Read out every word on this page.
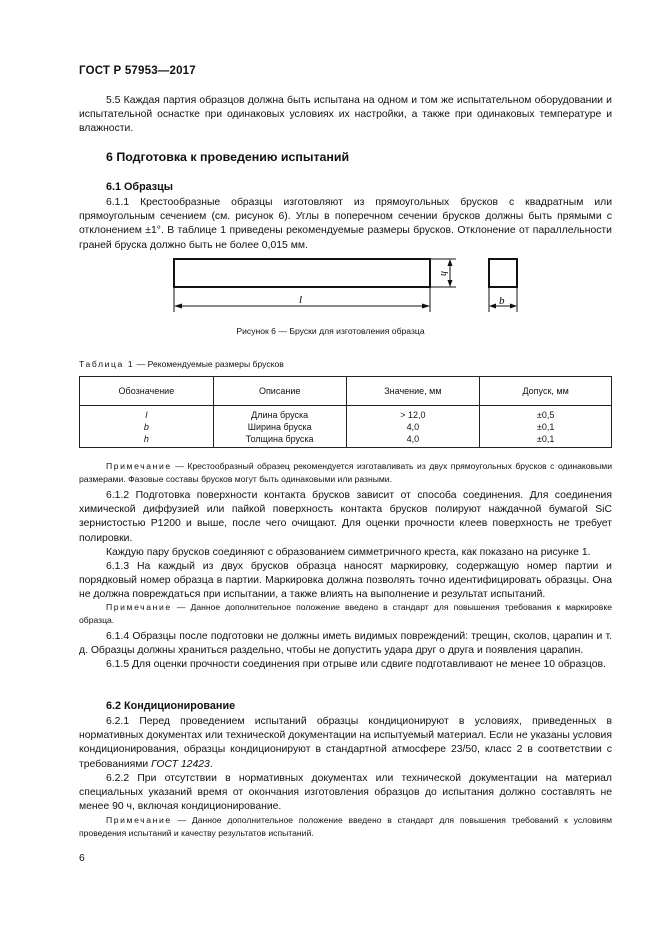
ГОСТ Р 57953—2017

5.5 Каждая партия образцов должна быть испытана на одном и том же испытательном оборудовании и испытательной оснастке при одинаковых условиях их настройки, а также при одинаковых температуре и влажности.

6 Подготовка к проведению испытаний
6.1 Образцы

6.1.1 Крестообразные образцы изготовляют из прямоугольных брусков с квадратным или прямоугольным сечением (см. рисунок 6). Углы в поперечном сечении брусков должны быть прямыми с отклонением ±1°. В таблице 1 приведены рекомендуемые размеры брусков. Отклонение от параллельности граней бруска должно быть не более 0,015 мм.

l
h
b
Рисунок 6 — Бруски для изготовления образца
Таблица 1 — Рекомендуемые размеры брусков
Обозначение	Описание	Значение, мм	Допуск, мм
l	Длина бруска	> 12,0	±0,5
b	Ширина бруска	4,0	±0,1
h	Толщина бруска	4,0	±0,1

Примечание — Крестообразный образец рекомендуется изготавливать из двух прямоугольных брусков с одинаковыми размерами. Фазовые составы брусков могут быть одинаковыми или разными.

6.1.2 Подготовка поверхности контакта брусков зависит от способа соединения. Для соединения химической диффузией или пайкой поверхность контакта брусков полируют наждачной бумагой SiC зернистостью P1200 и выше, после чего очищают. Для оценки прочности клеев поверхность не требует полировки.

Каждую пару брусков соединяют с образованием симметричного креста, как показано на рисунке 1.

6.1.3 На каждый из двух брусков образца наносят маркировку, содержащую номер партии и порядковый номер образца в партии. Маркировка должна позволять точно идентифицировать образцы. Она не должна повреждаться при испытании, а также влиять на выполнение и результат испытаний.

Примечание — Данное дополнительное положение введено в стандарт для повышения требования к маркировке образца.

6.1.4 Образцы после подготовки не должны иметь видимых повреждений: трещин, сколов, царапин и т. д. Образцы должны храниться раздельно, чтобы не допустить удара друг о друга и появления царапин.

6.1.5 Для оценки прочности соединения при отрыве или сдвиге подготавливают не менее 10 образцов.

6.2 Кондиционирование

6.2.1 Перед проведением испытаний образцы кондиционируют в условиях, приведенных в нормативных документах или технической документации на испытуемый материал. Если не указаны условия кондиционирования, образцы кондиционируют в стандартной атмосфере 23/50, класс 2 в соответствии с требованиями ГОСТ 12423.

6.2.2 При отсутствии в нормативных документах или технической документации на материал специальных указаний время от окончания изготовления образцов до испытания должно составлять не менее 90 ч, включая кондиционирование.

Примечание — Данное дополнительное положение введено в стандарт для повышения требований к условиям проведения испытаний и качеству результатов испытаний.

6
